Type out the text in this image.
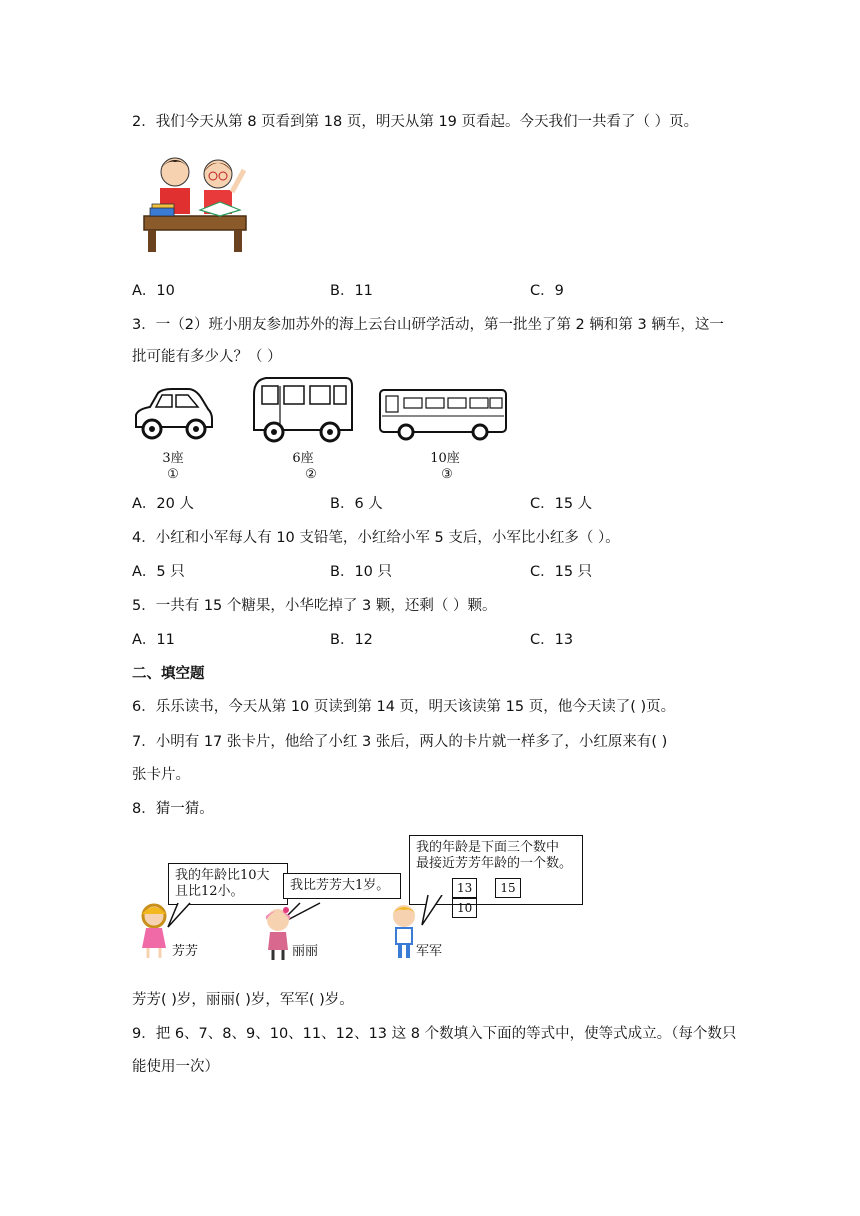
2．我们今天从第 8 页看到第 18 页，明天从第 19 页看起。今天我们一共看了（ ）页。
A．10	B．11	C．9
3．一（2）班小朋友参加苏外的海上云台山研学活动，第一批坐了第 2 辆和第 3 辆车，这一
批可能有多少人？（ ）
3座
①
6座
②
10座
③
A．20 人	B．6 人	C．15 人
4．小红和小军每人有 10 支铅笔，小红给小军 5 支后，小军比小红多（ ）。
A．5 只	B．10 只	C．15 只
5．一共有 15 个糖果，小华吃掉了 3 颗，还剩（ ）颗。
A．11	B．12	C．13
二、填空题
6．乐乐读书，今天从第 10 页读到第 14 页，明天该读第 15 页，他今天读了( )页。
7．小明有 17 张卡片，他给了小红 3 张后，两人的卡片就一样多了，小红原来有( )
张卡片。
8．猜一猜。
我的年龄比10大
且比12小。	我比芳芳大1岁。
我的年龄是下面三个数中
最接近芳芳年龄的一个数。
13 15 10
芳芳	丽丽	军军
芳芳( )岁，丽丽( )岁，军军( )岁。
9．把 6、7、8、9、10、11、12、13 这 8 个数填入下面的等式中，使等式成立。（每个数只
能使用一次）
